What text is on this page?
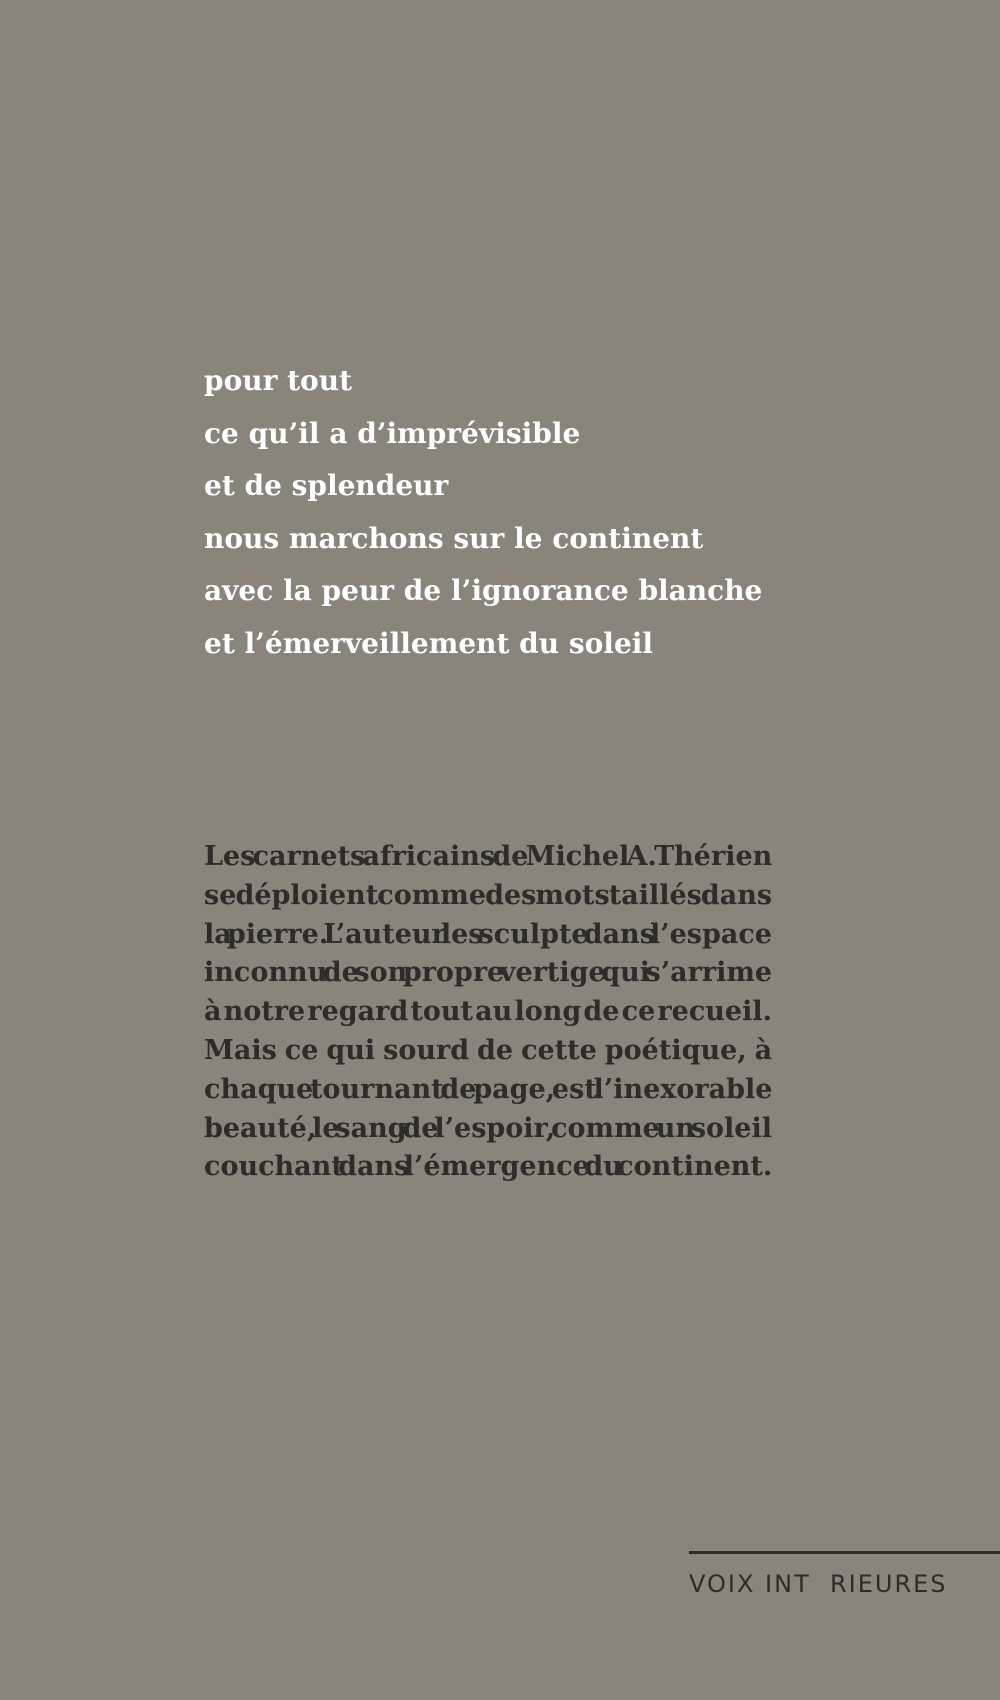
pour tout
ce qu’il a d’imprévisible
et de splendeur
nous marchons sur le continent
avec la peur de l’ignorance blanche
et l’émerveillement du soleil
Les carnets africains de Michel A. Thérien
se déploient comme des mots taillés dans
la pierre. L’auteur les sculpte dans l’espace
inconnu de son propre vertige qui s’arrime
à notre regard tout au long de ce recueil.
Mais ce qui sourd de cette poétique, à
chaque tournant de page, est l’inexorable
beauté, le sang de l’espoir, comme un soleil
couchant dans l’émergence du continent.
VOIX INT  RIEURES
